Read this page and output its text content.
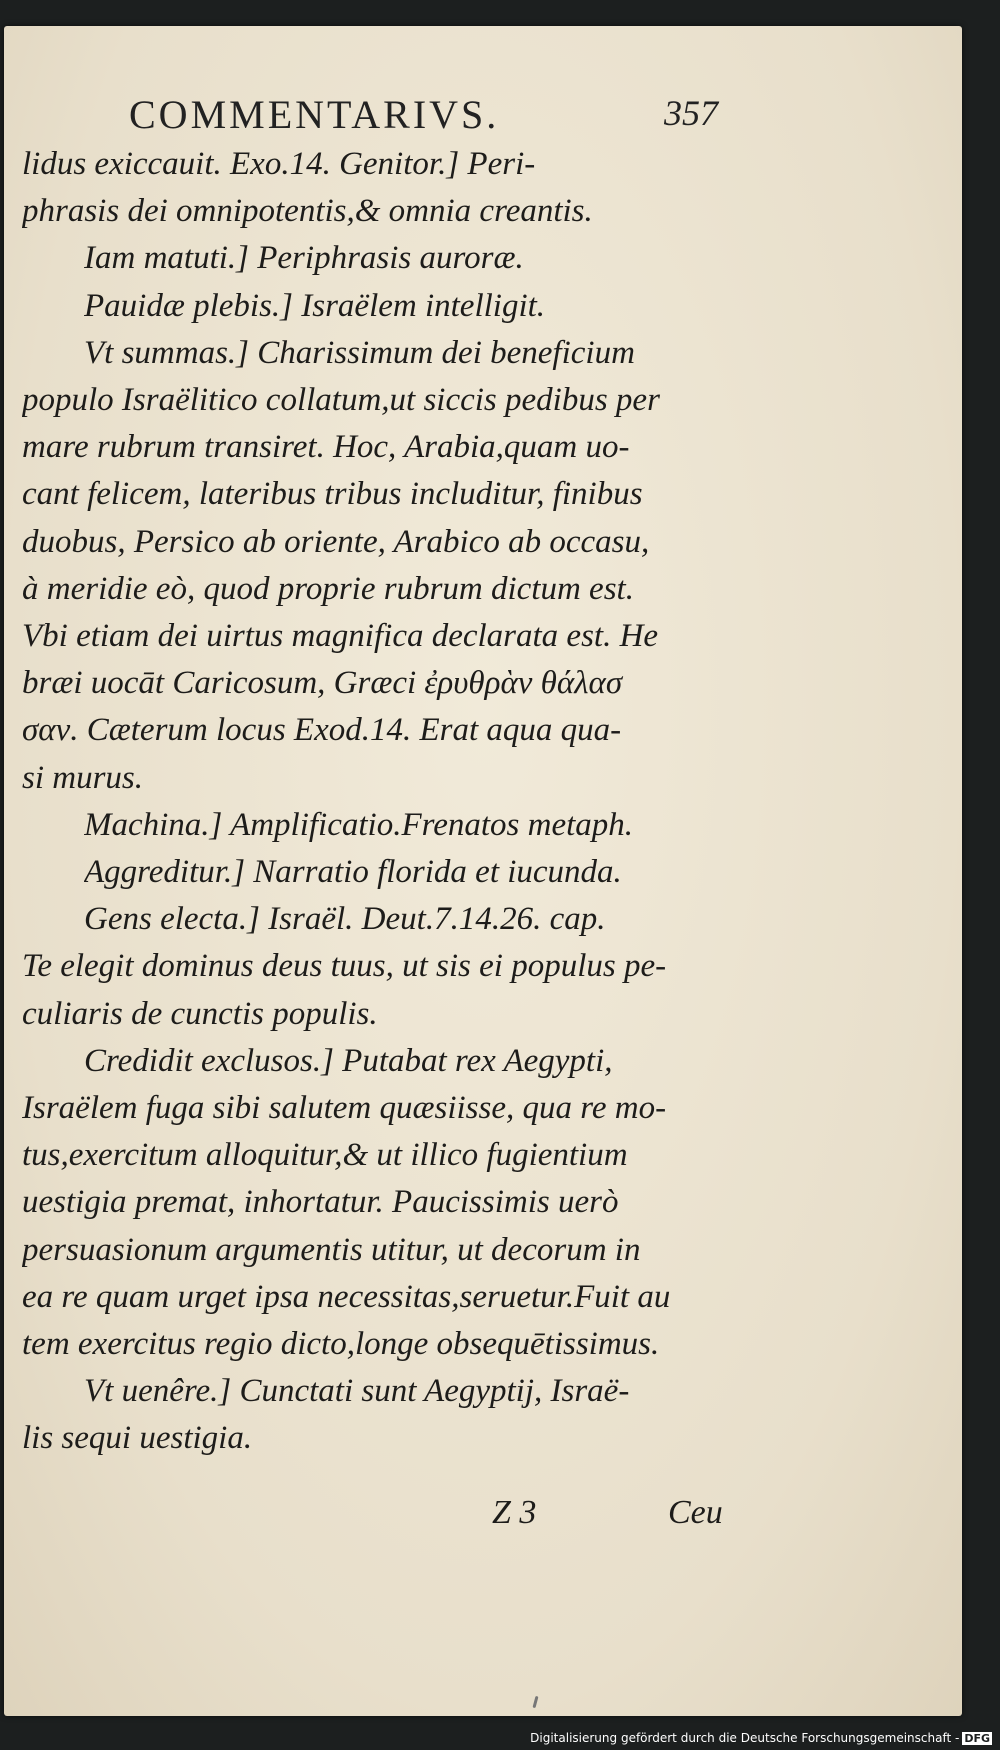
COMMENTARIVS.	357
lidus exiccauit. Exo.14. Genitor.] Peri-
phrasis dei omnipotentis,& omnia creantis.
Iam matuti.] Periphrasis auroræ.
Pauidæ plebis.] Israëlem intelligit.
Vt summas.] Charissimum dei beneficium
populo Israëlitico collatum,ut siccis pedibus per
mare rubrum transiret. Hoc, Arabia,quam uo-
cant felicem, lateribus tribus includitur, finibus
duobus, Persico ab oriente, Arabico ab occasu,
à meridie eò, quod proprie rubrum dictum est.
Vbi etiam dei uirtus magnifica declarata est. He
bræi uocāt Caricosum, Græci ἐρυθρὰν θάλασ
σαν. Cæterum locus Exod.14. Erat aqua qua-
si murus.
Machina.] Amplificatio.Frenatos metaph.
Aggreditur.] Narratio florida et iucunda.
Gens electa.] Israël. Deut.7.14.26. cap.
Te elegit dominus deus tuus, ut sis ei populus pe-
culiaris de cunctis populis.
Credidit exclusos.] Putabat rex Aegypti,
Israëlem fuga sibi salutem quæsiisse, qua re mo-
tus,exercitum alloquitur,& ut illico fugientium
uestigia premat, inhortatur. Paucissimis uerò
persuasionum argumentis utitur, ut decorum in
ea re quam urget ipsa necessitas,seruetur.Fuit au
tem exercitus regio dicto,longe obsequētissimus.
Vt uenêre.] Cunctati sunt Aegyptij, Israë-
lis sequi uestigia.
Z 3	Ceu
Digitalisierung gefördert durch die Deutsche Forschungsgemeinschaft - DFG
